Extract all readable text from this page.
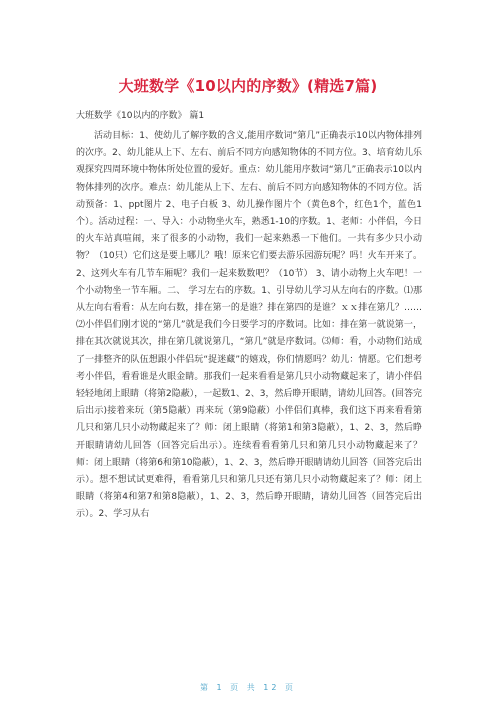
大班数学《10以内的序数》(精选7篇)
大班数学《10以内的序数》 篇1

活动目标：1、使幼儿了解序数的含义,能用序数词“第几”正确表示10以内物体排列的次序。2、幼儿能从上下、左右、前后不同方向感知物体的不同方位。3、培育幼儿乐观探究四周环境中物体所处位置的爱好。重点：幼儿能用序数词“第几”正确表示10以内物体排列的次序。难点：幼儿能从上下、左右、前后不同方向感知物体的不同方位。活动预备：1、ppt图片 2、电子白板 3、幼儿操作图片个（黄色8个，红色1个，蓝色1个）。活动过程：一、导入：小动物坐火车，熟悉1-10的序数。1、老师：小伴侣，今日的火车站真喧闹，来了很多的小动物，我们一起来熟悉一下他们。一共有多少只小动物？（10只）它们这是要上哪儿？哦！原来它们要去游乐园游玩呢？吗！火车开来了。2、这列火车有几节车厢呢？我们一起来数数吧？（10节） 3、请小动物上火车吧！一个小动物坐一节车厢。二、 学习左右的序数。1、引导幼儿学习从左向右的序数。⑴那从左向右看看：从左向右数，排在第一的是谁？排在第四的是谁？ｘｘ排在第几？……⑵小伴侣们刚才说的“第几”就是我们今日要学习的序数词。比如：排在第一就说第一，排在其次就说其次，排在第几就说第几，“第几”就是序数词。⑶师：看，小动物们站成了一排整齐的队伍想跟小伴侣玩“捉迷藏”的嬉戏，你们情愿吗？幼儿：情愿。它们想考考小伴侣，看看谁是火眼金睛。那我们一起来看看是第几只小动物藏起来了，请小伴侣轻轻地闭上眼睛（将第2隐蔽），一起数1、2、3，然后睁开眼睛，请幼儿回答。(回答完后出示)接着来玩（第5隐蔽）再来玩（第9隐蔽）小伴侣们真棒，我们这下再来看看第几只和第几只小动物藏起来了？师：闭上眼睛（将第1和第3隐蔽），1、2、3，然后睁开眼睛请幼儿回答（回答完后出示）。连续看看看第几只和第几只小动物藏起来了？师：闭上眼睛（将第6和第10隐蔽），1、2、3，然后睁开眼睛请幼儿回答（回答完后出示）。想不想试试更难得，看看第几只和第几只还有第几只小动物藏起来了？师：闭上眼睛（将第4和第7和第8隐蔽），1、2、3，然后睁开眼睛，请幼儿回答（回答完后出示）。2、学习从右

第 1 页 共 12 页
